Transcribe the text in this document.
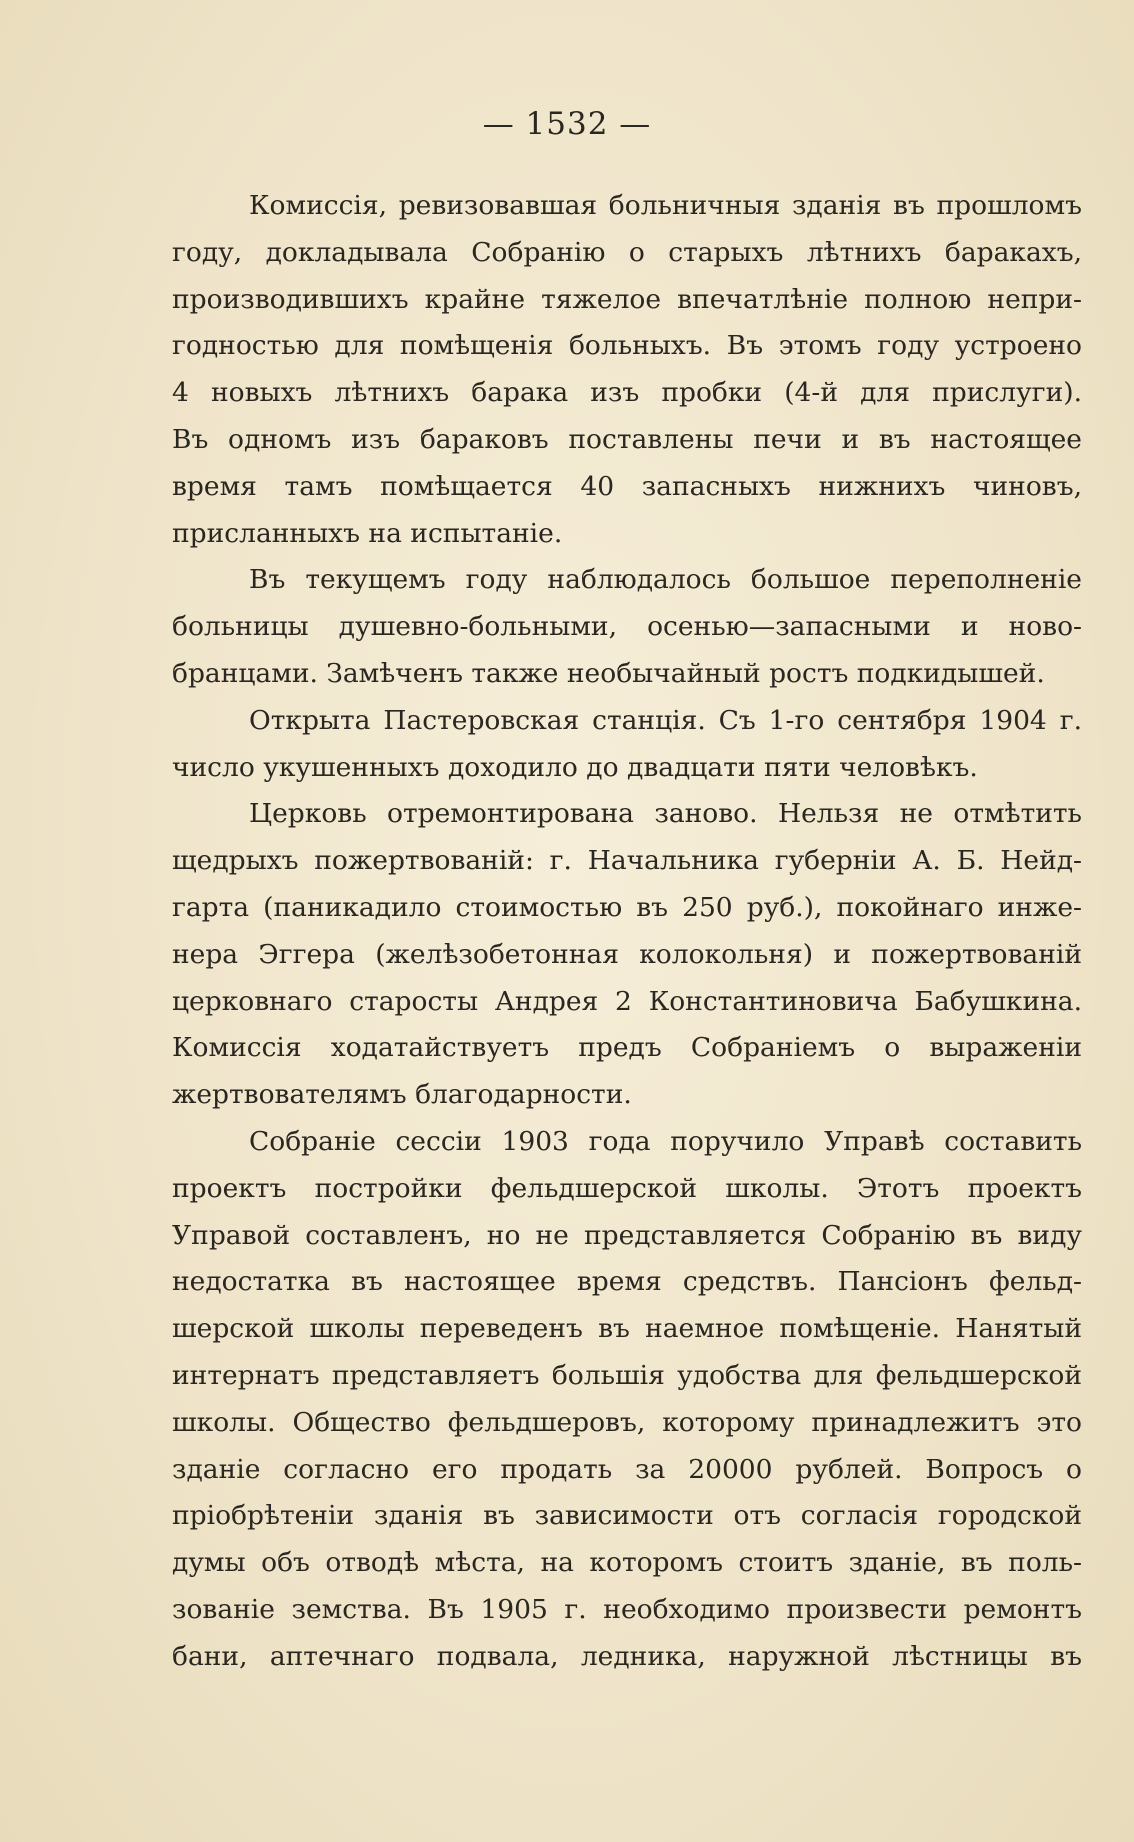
— 1532 —
Комиссія, ревизовавшая больничныя зданія въ прошломъ
году, докладывала Собранію о старыхъ лѣтнихъ баракахъ,
производившихъ крайне тяжелое впечатлѣніе полною непри-
годностью для помѣщенія больныхъ. Въ этомъ году устроено
4 новыхъ лѣтнихъ барака изъ пробки (4-й для прислуги).
Въ одномъ изъ бараковъ поставлены печи и въ настоящее
время тамъ помѣщается 40 запасныхъ нижнихъ чиновъ,
присланныхъ на испытаніе.
Въ текущемъ году наблюдалось большое переполненіе
больницы душевно-больными, осенью—запасными и ново-
бранцами. Замѣченъ также необычайный ростъ подкидышей.
Открыта Пастеровская станція. Съ 1-го сентября 1904 г.
число укушенныхъ доходило до двадцати пяти человѣкъ.
Церковь отремонтирована заново. Нельзя не отмѣтить
щедрыхъ пожертвованій: г. Начальника губерніи А. Б. Нейд-
гарта (паникадило стоимостью въ 250 руб.), покойнаго инже-
нера Эггера (желѣзобетонная колокольня) и пожертвованій
церковнаго старосты Андрея 2 Константиновича Бабушкина.
Комиссія ходатайствуетъ предъ Собраніемъ о выраженіи
жертвователямъ благодарности.
Собраніе сессіи 1903 года поручило Управѣ составить
проектъ постройки фельдшерской школы. Этотъ проектъ
Управой составленъ, но не представляется Собранію въ виду
недостатка въ настоящее время средствъ. Пансіонъ фельд-
шерской школы переведенъ въ наемное помѣщеніе. Нанятый
интернатъ представляетъ большія удобства для фельдшерской
школы. Общество фельдшеровъ, которому принадлежитъ это
зданіе согласно его продать за 20000 рублей. Вопросъ о
пріобрѣтеніи зданія въ зависимости отъ согласія городской
думы объ отводѣ мѣста, на которомъ стоитъ зданіе, въ поль-
зованіе земства. Въ 1905 г. необходимо произвести ремонтъ
бани, аптечнаго подвала, ледника, наружной лѣстницы въ
